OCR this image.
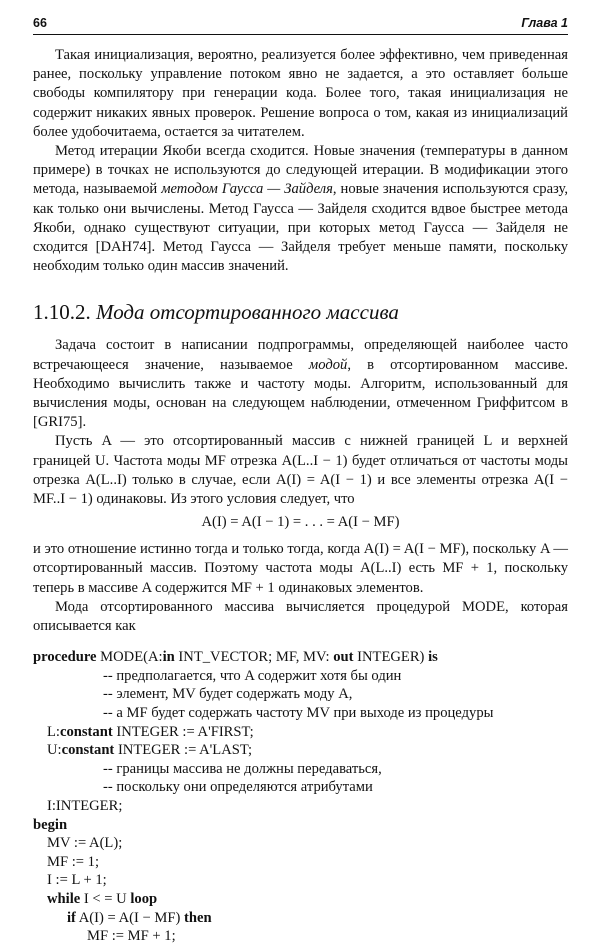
66	Глава 1

Такая инициализация, вероятно, реализуется более эффективно, чем приведенная ранее, поскольку управление потоком явно не задается, а это оставляет больше свободы компилятору при генерации кода. Более того, такая инициализация не содержит никаких явных проверок. Решение вопроса о том, какая из инициализаций более удобочитаема, остается за читателем.

Метод итерации Якоби всегда сходится. Новые значения (температуры в данном примере) в точках не используются до следующей итерации. В модификации этого метода, называемой методом Гаусса — Зайделя, новые значения используются сразу, как только они вычислены. Метод Гаусса — Зайделя сходится вдвое быстрее метода Якоби, однако существуют ситуации, при которых метод Гаусса — Зайделя не сходится [DAH74]. Метод Гаусса — Зайделя требует меньше памяти, поскольку необходим только один массив значений.

1.10.2. Мода отсортированного массива

Задача состоит в написании подпрограммы, определяющей наиболее часто встречающееся значение, называемое модой, в отсортированном массиве. Необходимо вычислить также и частоту моды. Алгоритм, использованный для вычисления моды, основан на следующем наблюдении, отмеченном Гриффитсом в [GRI75].

Пусть A — это отсортированный массив с нижней границей L и верхней границей U. Частота моды MF отрезка A(L..I − 1) будет отличаться от частоты моды отрезка A(L..I) только в случае, если A(I) = A(I − 1) и все элементы отрезка A(I − MF..I − 1) одинаковы. Из этого условия следует, что

A(I) = A(I − 1) = . . . = A(I − MF)

и это отношение истинно тогда и только тогда, когда A(I) = A(I − MF), поскольку A — отсортированный массив. Поэтому частота моды A(L..I) есть MF + 1, поскольку теперь в массиве A содержится MF + 1 одинаковых элементов.

Мода отсортированного массива вычисляется процедурой MODE, которая описывается как

procedure MODE(A:in INT_VECTOR; MF, MV: out INTEGER) is
-- предполагается, что A содержит хотя бы один
-- элемент, MV будет содержать моду A,
-- а MF будет содержать частоту MV при выходе из процедуры
L:constant INTEGER := A'FIRST;
U:constant INTEGER := A'LAST;
-- границы массива не должны передаваться,
-- поскольку они определяются атрибутами
I:INTEGER;
begin
MV := A(L);
MF := 1;
I := L + 1;
while I < = U loop
if A(I) = A(I − MF) then
MF := MF + 1;
